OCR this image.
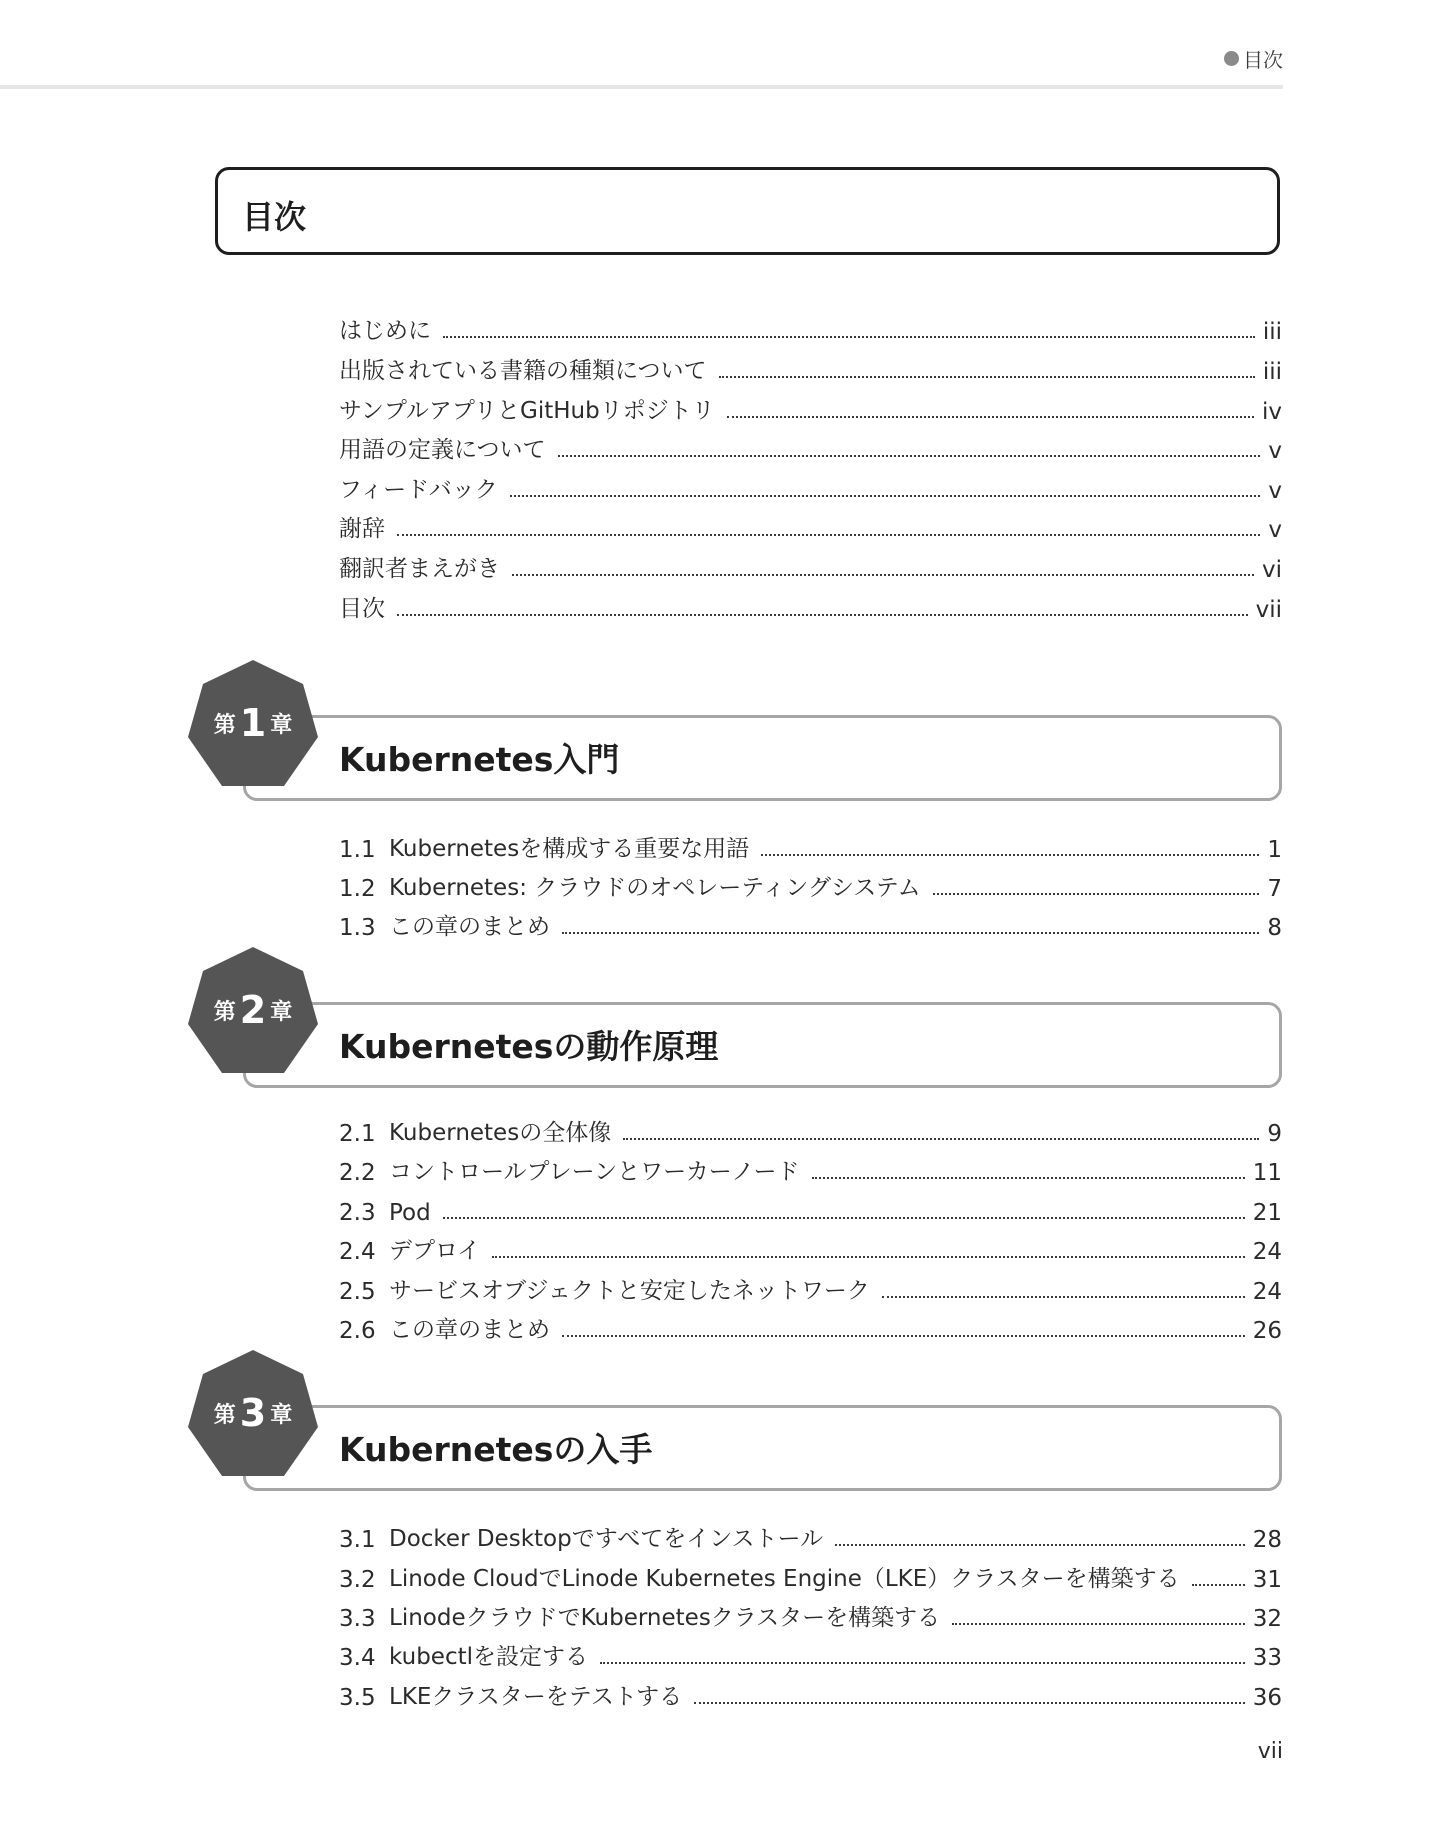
目次
目次
はじめに	iii
出版されている書籍の種類について	iii
サンプルアプリとGitHubリポジトリ	iv
用語の定義について	v
フィードバック	v
謝辞	v
翻訳者まえがき	vi
目次	vii
第 1 章
Kubernetes入門
1.1 Kubernetesを構成する重要な用語	1
1.2 Kubernetes: クラウドのオペレーティングシステム	7
1.3 この章のまとめ	8
第 2 章
Kubernetesの動作原理
2.1 Kubernetesの全体像	9
2.2 コントロールプレーンとワーカーノード	11
2.3 Pod	21
2.4 デプロイ	24
2.5 サービスオブジェクトと安定したネットワーク	24
2.6 この章のまとめ	26
第 3 章
Kubernetesの入手
3.1 Docker Desktopですべてをインストール	28
3.2 Linode CloudでLinode Kubernetes Engine（LKE）クラスターを構築する	31
3.3 LinodeクラウドでKubernetesクラスターを構築する	32
3.4 kubectlを設定する	33
3.5 LKEクラスターをテストする	36
vii
